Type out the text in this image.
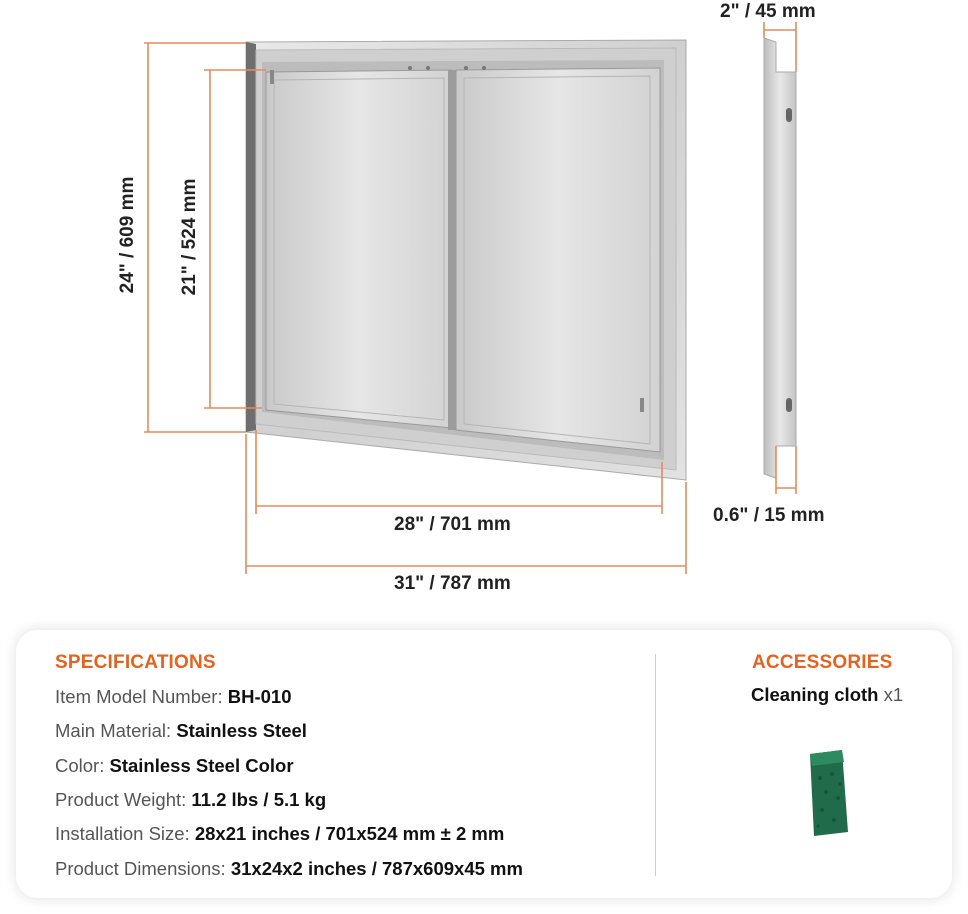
2" / 45 mm
0.6" / 15 mm
28" / 701 mm
31" / 787 mm
24" / 609 mm 21" / 524 mm
SPECIFICATIONS
Item Model Number: BH-010
Main Material: Stainless Steel
Color: Stainless Steel Color
Product Weight: 11.2 lbs / 5.1 kg
Installation Size: 28x21 inches / 701x524 mm ± 2 mm
Product Dimensions: 31x24x2 inches / 787x609x45 mm
ACCESSORIES
Cleaning cloth x1
